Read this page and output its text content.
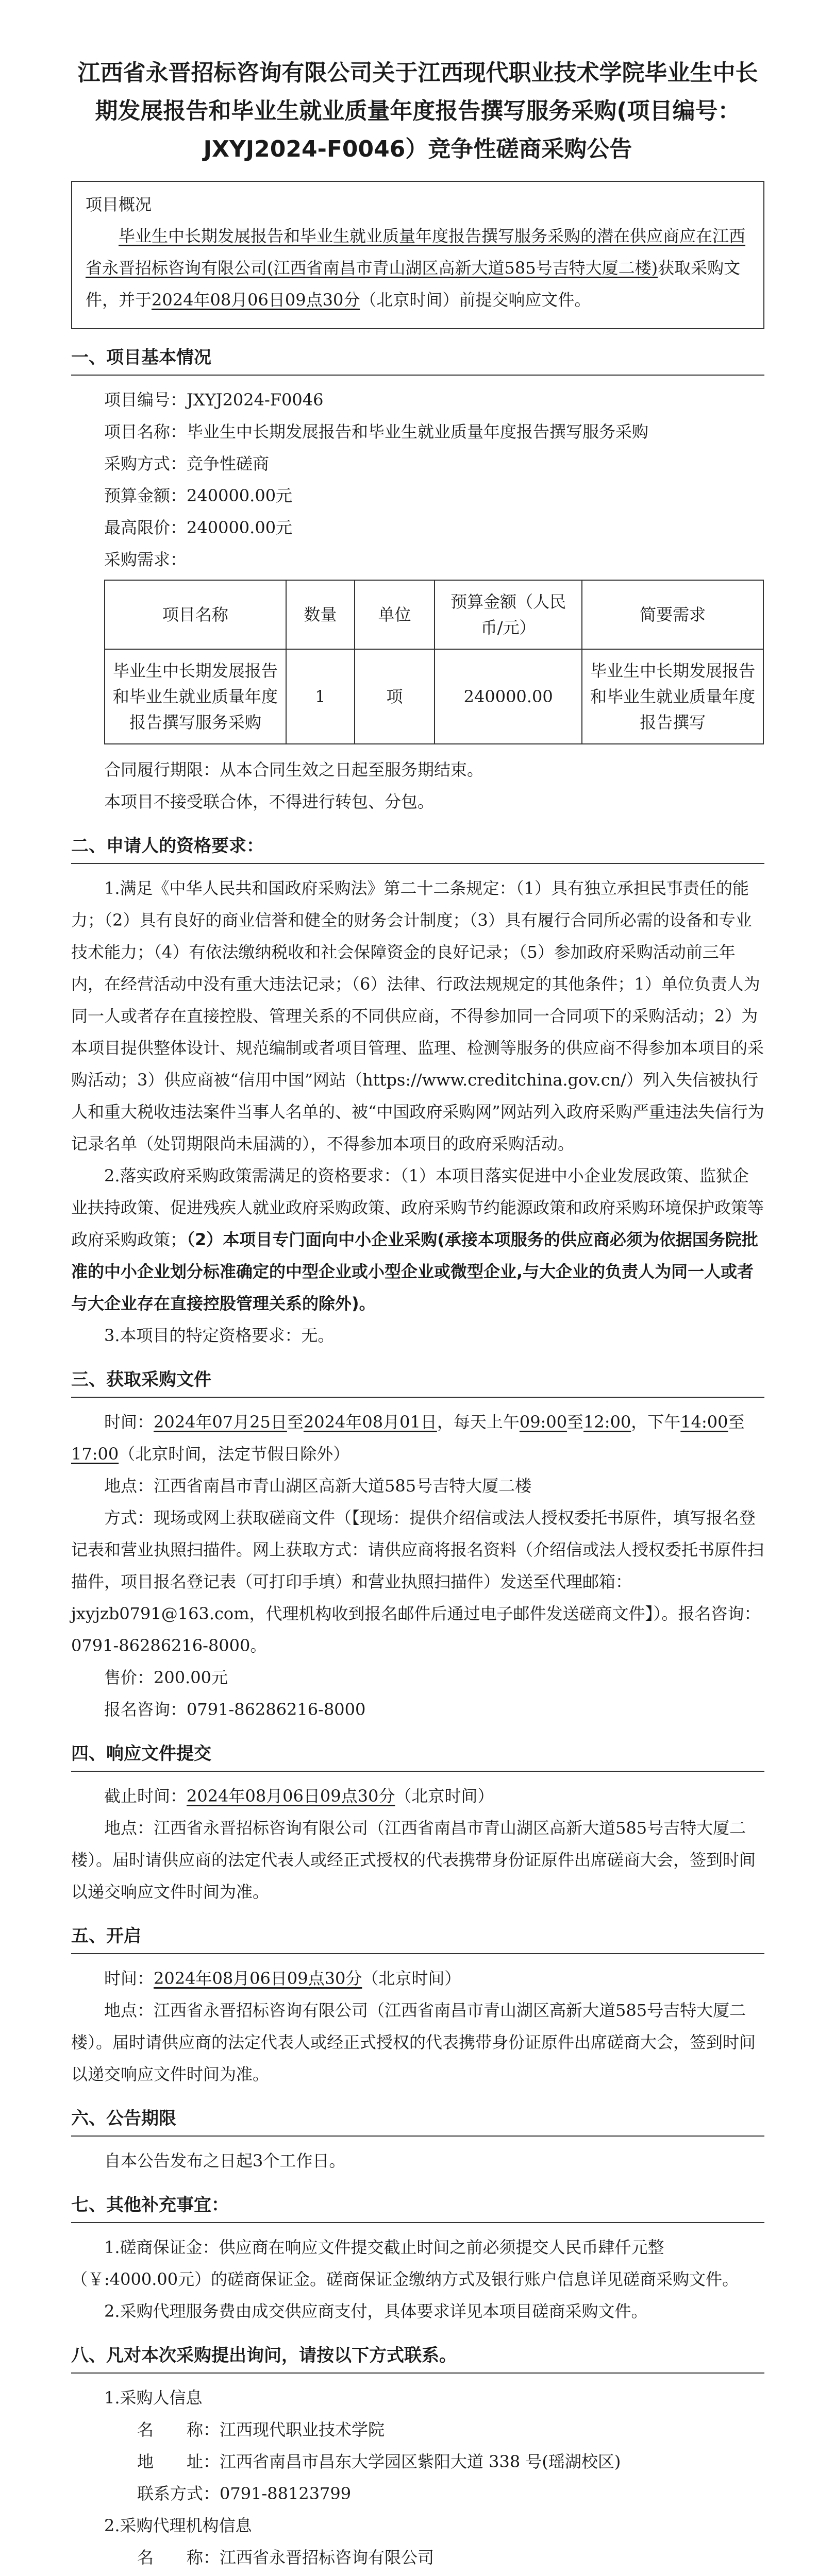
江西省永晋招标咨询有限公司关于江西现代职业技术学院毕业生中长期发展报告和毕业生就业质量年度报告撰写服务采购(项目编号：JXYJ2024-F0046）竞争性磋商采购公告
项目概况

毕业生中长期发展报告和毕业生就业质量年度报告撰写服务采购的潜在供应商应在江西省永晋招标咨询有限公司(江西省南昌市青山湖区高新大道585号吉特大厦二楼)获取采购文件，并于2024年08月06日09点30分（北京时间）前提交响应文件。

一、项目基本情况

项目编号：JXYJ2024-F0046

项目名称：毕业生中长期发展报告和毕业生就业质量年度报告撰写服务采购

采购方式：竞争性磋商

预算金额：240000.00元

最高限价：240000.00元

采购需求：

项目名称	数量	单位	预算金额（人民币/元）	简要需求
毕业生中长期发展报告和毕业生就业质量年度报告撰写服务采购	1	项	240000.00	毕业生中长期发展报告和毕业生就业质量年度报告撰写

合同履行期限：从本合同生效之日起至服务期结束。

本项目不接受联合体，不得进行转包、分包。

二、申请人的资格要求：

1.满足《中华人民共和国政府采购法》第二十二条规定：（1）具有独立承担民事责任的能力；（2）具有良好的商业信誉和健全的财务会计制度；（3）具有履行合同所必需的设备和专业技术能力；（4）有依法缴纳税收和社会保障资金的良好记录；（5）参加政府采购活动前三年内，在经营活动中没有重大违法记录；（6）法律、行政法规规定的其他条件；1）单位负责人为同一人或者存在直接控股、管理关系的不同供应商，不得参加同一合同项下的采购活动；2）为本项目提供整体设计、规范编制或者项目管理、监理、检测等服务的供应商不得参加本项目的采购活动；3）供应商被“信用中国”网站（https://www.creditchina.gov.cn/）列入失信被执行人和重大税收违法案件当事人名单的、被“中国政府采购网”网站列入政府采购严重违法失信行为记录名单（处罚期限尚未届满的），不得参加本项目的政府采购活动。

2.落实政府采购政策需满足的资格要求：（1）本项目落实促进中小企业发展政策、监狱企业扶持政策、促进残疾人就业政府采购政策、政府采购节约能源政策和政府采购环境保护政策等政府采购政策；（2）本项目专门面向中小企业采购(承接本项服务的供应商必须为依据国务院批准的中小企业划分标准确定的中型企业或小型企业或微型企业,与大企业的负责人为同一人或者与大企业存在直接控股管理关系的除外)。

3.本项目的特定资格要求：无。

三、获取采购文件

时间：2024年07月25日至2024年08月01日，每天上午09:00至12:00，下午14:00至17:00（北京时间，法定节假日除外）

地点：江西省南昌市青山湖区高新大道585号吉特大厦二楼

方式：现场或网上获取磋商文件（【现场：提供介绍信或法人授权委托书原件，填写报名登记表和营业执照扫描件。网上获取方式：请供应商将报名资料（介绍信或法人授权委托书原件扫描件，项目报名登记表（可打印手填）和营业执照扫描件）发送至代理邮箱：jxyjzb0791@163.com，代理机构收到报名邮件后通过电子邮件发送磋商文件】）。报名咨询：0791-86286216-8000。

售价：200.00元

报名咨询：0791-86286216-8000

四、响应文件提交

截止时间：2024年08月06日09点30分（北京时间）

地点：江西省永晋招标咨询有限公司（江西省南昌市青山湖区高新大道585号吉特大厦二楼）。届时请供应商的法定代表人或经正式授权的代表携带身份证原件出席磋商大会，签到时间以递交响应文件时间为准。

五、开启

时间：2024年08月06日09点30分（北京时间）

地点：江西省永晋招标咨询有限公司（江西省南昌市青山湖区高新大道585号吉特大厦二楼）。届时请供应商的法定代表人或经正式授权的代表携带身份证原件出席磋商大会，签到时间以递交响应文件时间为准。

六、公告期限

自本公告发布之日起3个工作日。

七、其他补充事宜：

1.磋商保证金：供应商在响应文件提交截止时间之前必须提交人民币肆仟元整（￥:4000.00元）的磋商保证金。磋商保证金缴纳方式及银行账户信息详见磋商采购文件。

2.采购代理服务费由成交供应商支付，具体要求详见本项目磋商采购文件。

八、凡对本次采购提出询问，请按以下方式联系。

1.采购人信息

名　　称：江西现代职业技术学院

地　　址：江西省南昌市昌东大学园区紫阳大道 338 号(瑶湖校区)

联系方式：0791-88123799

2.采购代理机构信息

名　　称：江西省永晋招标咨询有限公司
